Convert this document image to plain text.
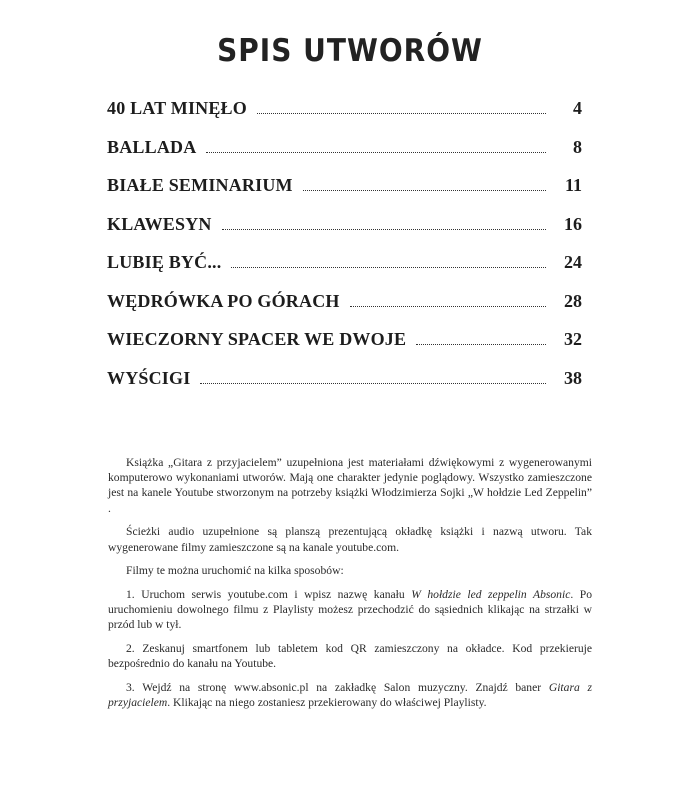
SPIS UTWORÓW
40 LAT MINĘŁO	4
BALLADA	8
BIAŁE SEMINARIUM	11
KLAWESYN	16
LUBIĘ BYĆ...	24
WĘDRÓWKA PO GÓRACH	28
WIECZORNY SPACER WE DWOJE	32
WYŚCIGI	38

Książka „Gitara z przyjacielem” uzupełniona jest materiałami dźwiękowymi z wygenerowanymi komputerowo wykonaniami utworów. Mają one charakter jedynie poglądowy. Wszystko zamieszczone jest na kanele Youtube stworzonym na potrzeby książki Włodzimierza Sojki „W hołdzie Led Zeppelin” .

Ścieżki audio uzupełnione są planszą prezentującą okładkę książki i nazwą utworu. Tak wygenerowane filmy zamieszczone są na kanale youtube.com.

Filmy te można uruchomić na kilka sposobów:

1. Uruchom serwis youtube.com i wpisz nazwę kanału W hołdzie led zeppelin Absonic. Po uruchomieniu dowolnego filmu z Playlisty możesz przechodzić do sąsiednich klikając na strzałki w przód lub w tył.

2. Zeskanuj smartfonem lub tabletem kod QR zamieszczony na okładce. Kod przekieruje bezpośrednio do kanału na Youtube.

3. Wejdź na stronę www.absonic.pl na zakładkę Salon muzyczny. Znajdź baner Gitara z przyjacielem. Klikając na niego zostaniesz przekierowany do właściwej Playlisty.
